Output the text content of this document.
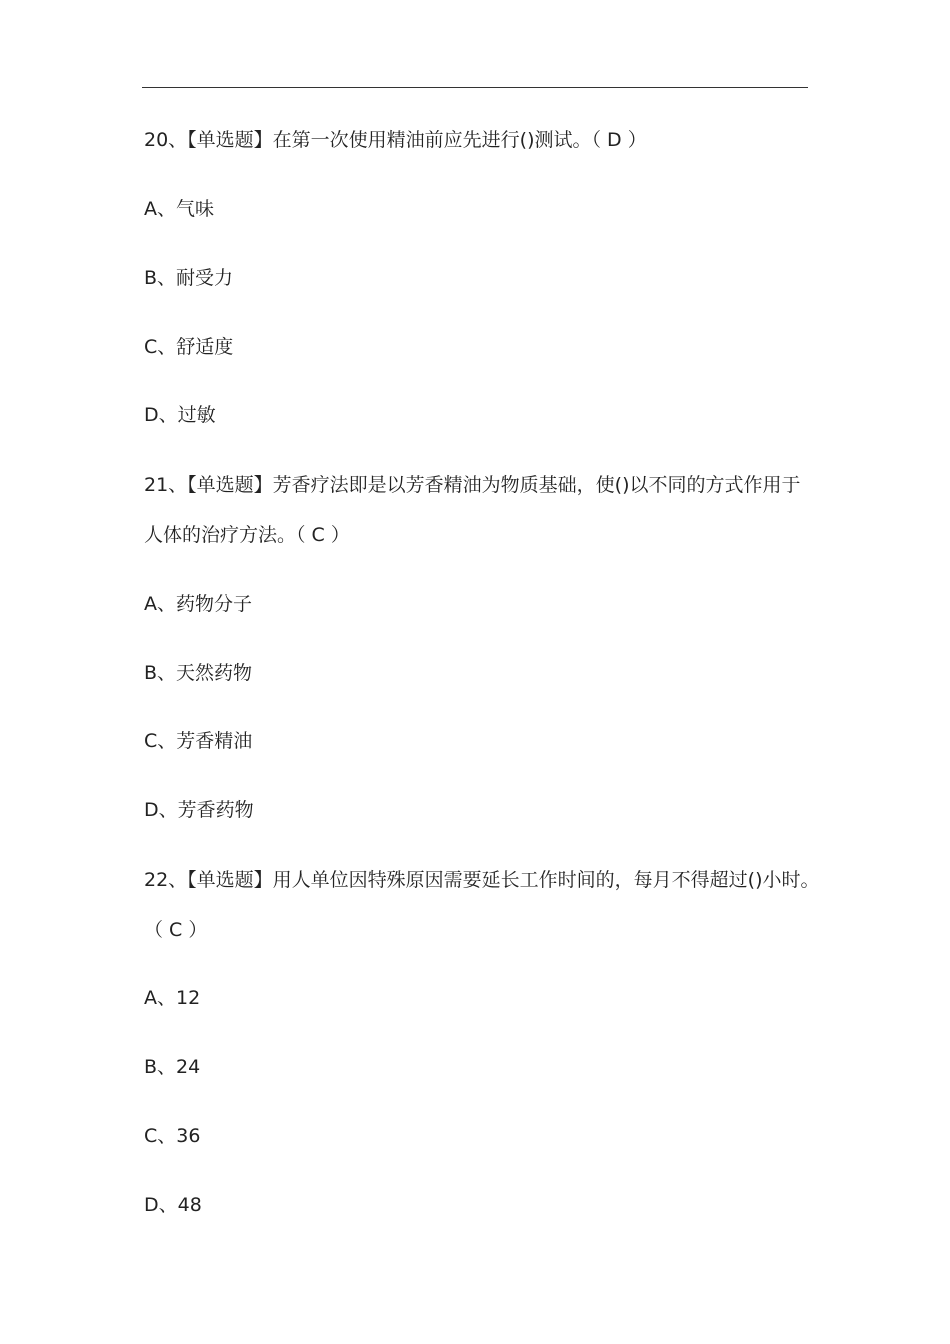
20、【单选题】在第一次使用精油前应先进行()测试。（ D ）
A、气味
B、耐受力
C、舒适度
D、过敏
21、【单选题】芳香疗法即是以芳香精油为物质基础，使()以不同的方式作用于
人体的治疗方法。（ C ）
A、药物分子
B、天然药物
C、芳香精油
D、芳香药物
22、【单选题】用人单位因特殊原因需要延长工作时间的，每月不得超过()小时。
（ C ）
A、12
B、24
C、36
D、48
